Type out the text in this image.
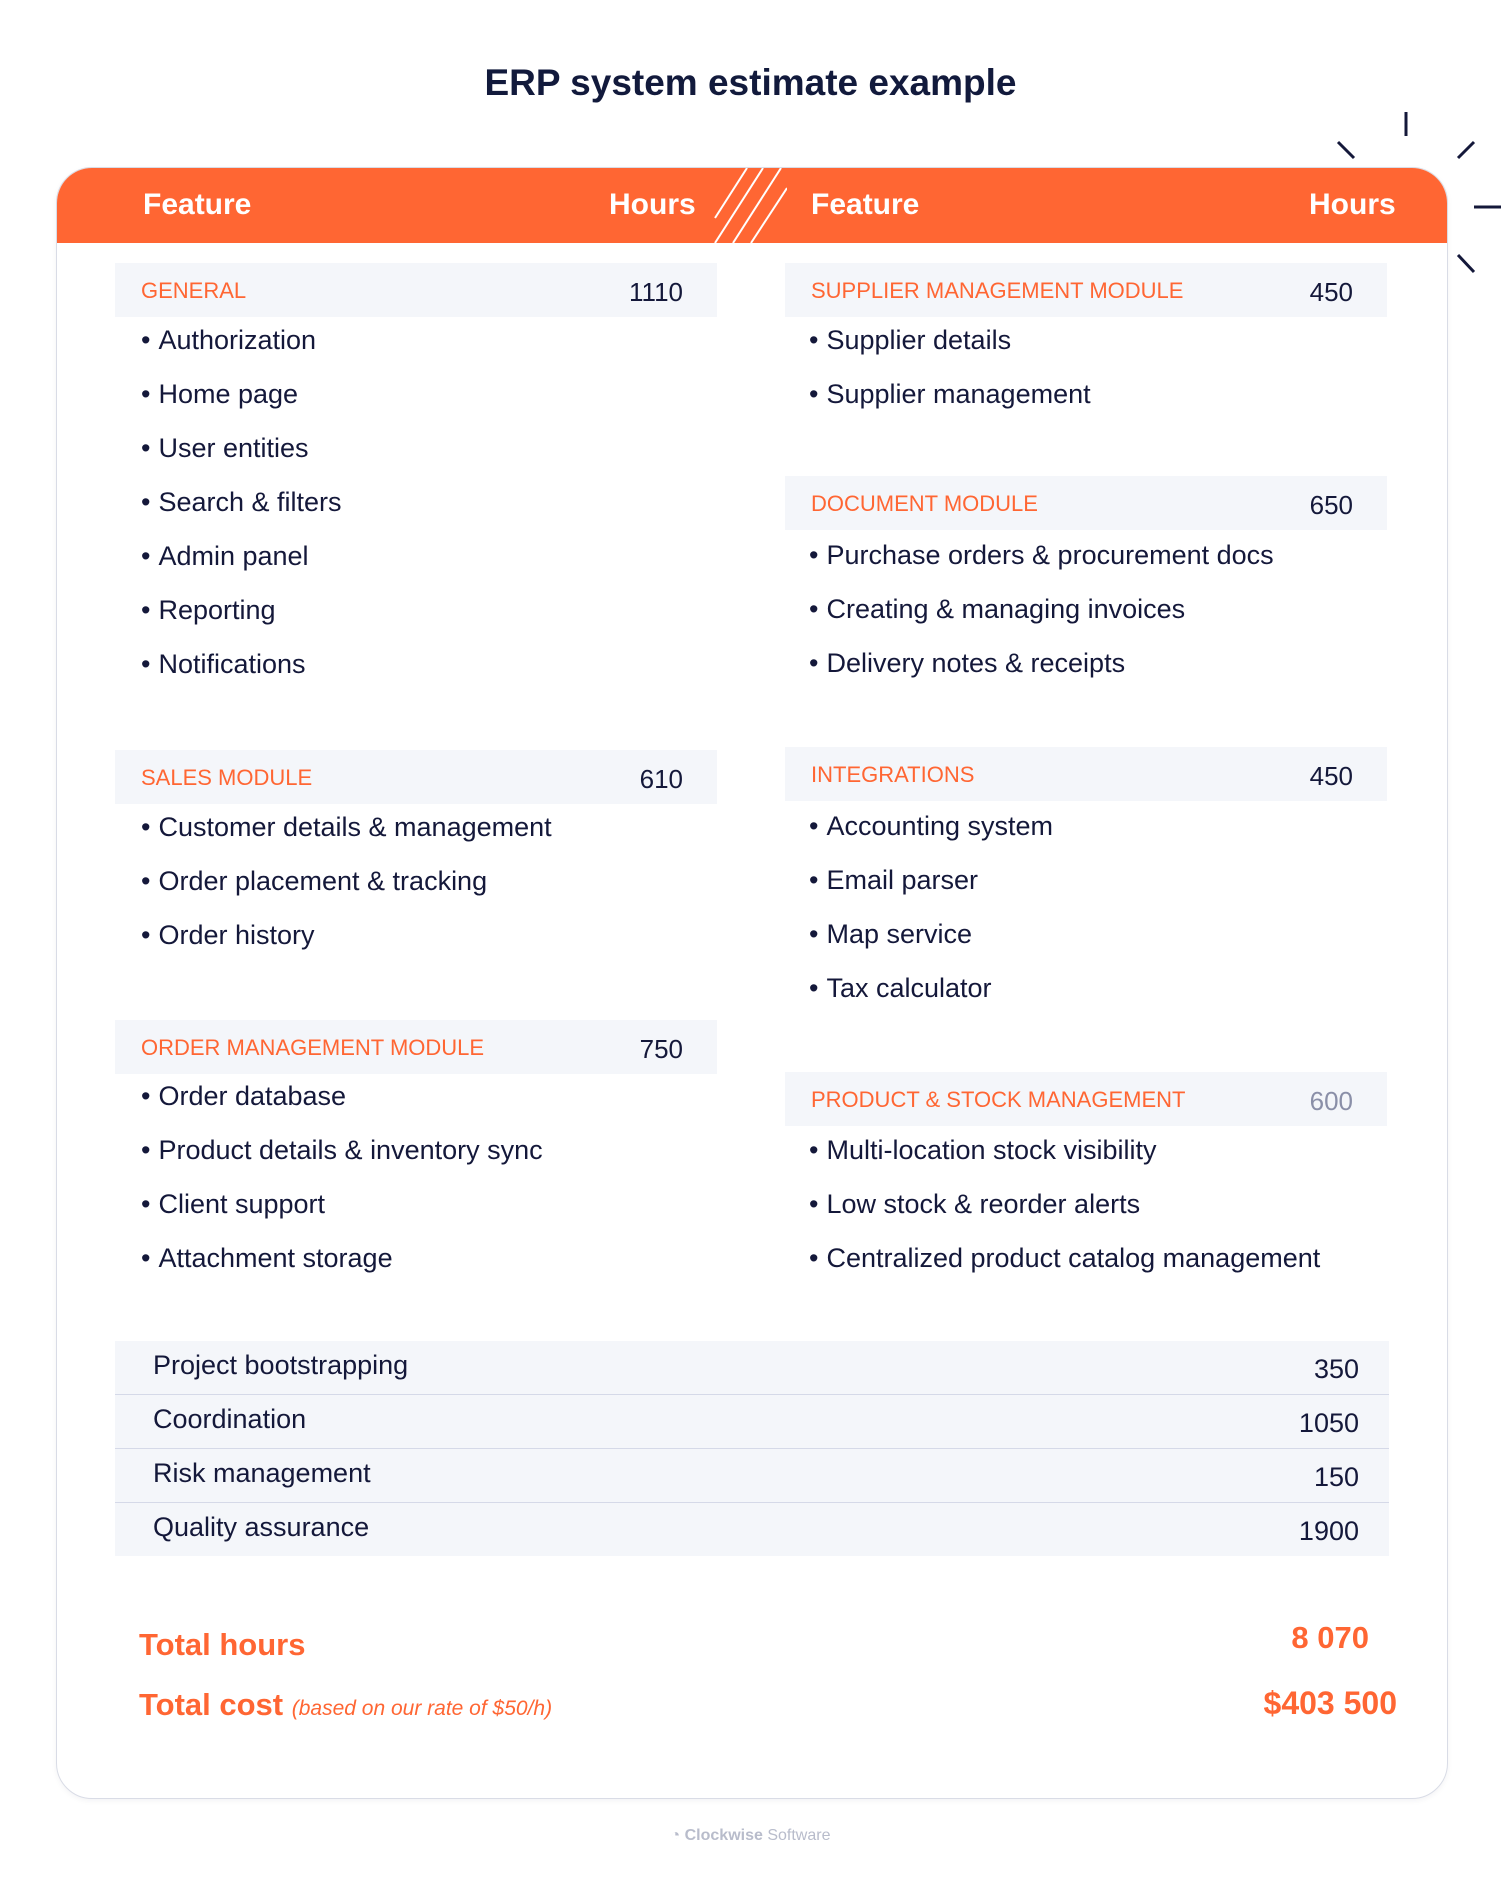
ERP system estimate example
Feature	Hours	Feature	Hours
GENERAL	1110
• Authorization
• Home page
• User entities
• Search & filters
• Admin panel
• Reporting
• Notifications
SALES MODULE	610
• Customer details & management
• Order placement & tracking
• Order history
ORDER MANAGEMENT MODULE	750
• Order database
• Product details & inventory sync
• Client support
• Attachment storage
SUPPLIER MANAGEMENT MODULE	450
• Supplier details
• Supplier management
DOCUMENT MODULE	650
• Purchase orders & procurement docs
• Creating & managing invoices
• Delivery notes & receipts
INTEGRATIONS	450
• Accounting system
• Email parser
• Map service
• Tax calculator
PRODUCT & STOCK MANAGEMENT	600
• Multi-location stock visibility
• Low stock & reorder alerts
• Centralized product catalog management
Project bootstrapping	350
Coordination	1050
Risk management	150
Quality assurance	1900
Total hours	8 070
Total cost (based on our rate of $50/h)	$403 500
◔ Clockwise Software
